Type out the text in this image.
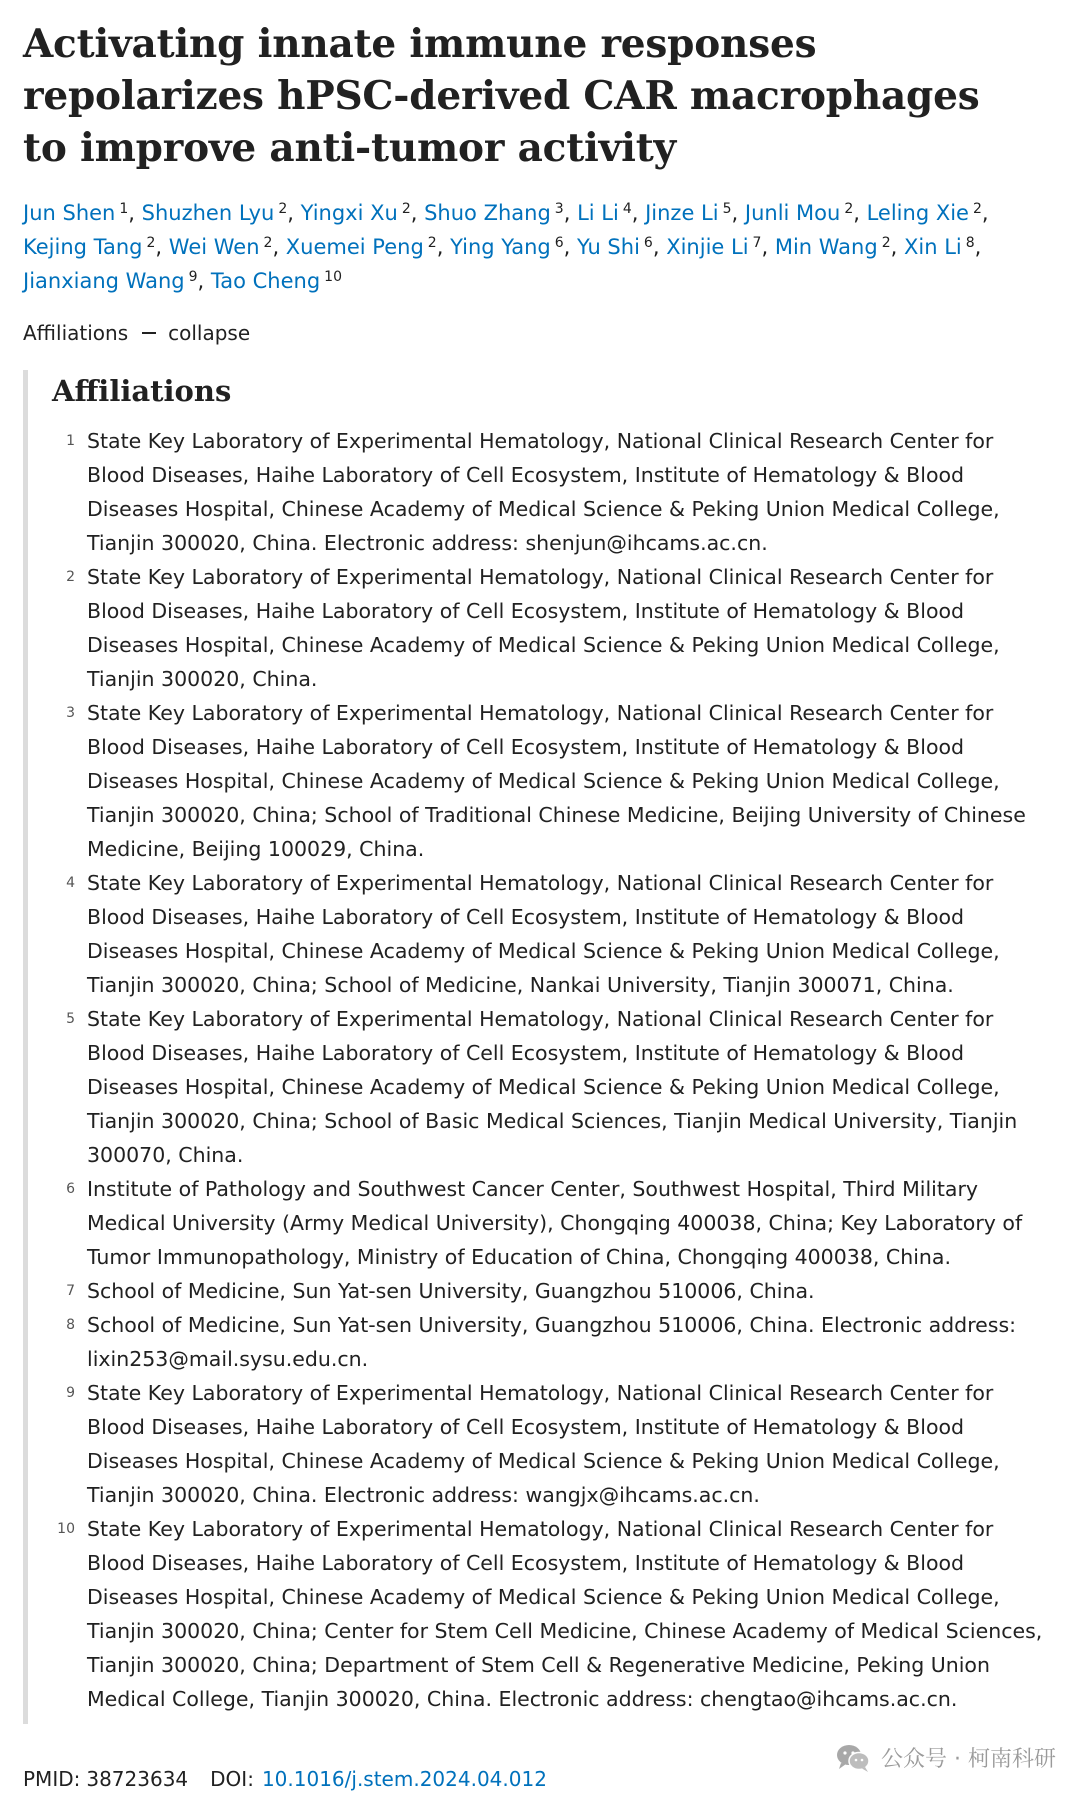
Activating innate immune responses repolarizes hPSC-derived CAR macrophages to improve anti-tumor activity
Jun Shen $^1$, Shuzhen Lyu $^2$, Yingxi Xu $^2$, Shuo Zhang $^3$, Li Li $^4$, Jinze Li $^5$, Junli Mou $^2$, Leling Xie $^2$, Kejing Tang $^2$, Wei Wen $^2$, Xuemei Peng $^2$, Ying Yang $^6$, Yu Shi $^6$, Xinjie Li $^7$, Min Wang $^2$, Xin Li $^8$, Jianxiang Wang $^9$, Tao Cheng $^{10}$
Affiliations collapse
Affiliations
1 State Key Laboratory of Experimental Hematology, National Clinical Research Center for Blood Diseases, Haihe Laboratory of Cell Ecosystem, Institute of Hematology & Blood Diseases Hospital, Chinese Academy of Medical Science & Peking Union Medical College, Tianjin 300020, China. Electronic address: shenjun@ihcams.ac.cn.
2 State Key Laboratory of Experimental Hematology, National Clinical Research Center for Blood Diseases, Haihe Laboratory of Cell Ecosystem, Institute of Hematology & Blood Diseases Hospital, Chinese Academy of Medical Science & Peking Union Medical College, Tianjin 300020, China.
3 State Key Laboratory of Experimental Hematology, National Clinical Research Center for Blood Diseases, Haihe Laboratory of Cell Ecosystem, Institute of Hematology & Blood Diseases Hospital, Chinese Academy of Medical Science & Peking Union Medical College, Tianjin 300020, China; School of Traditional Chinese Medicine, Beijing University of Chinese Medicine, Beijing 100029, China.
4 State Key Laboratory of Experimental Hematology, National Clinical Research Center for Blood Diseases, Haihe Laboratory of Cell Ecosystem, Institute of Hematology & Blood Diseases Hospital, Chinese Academy of Medical Science & Peking Union Medical College, Tianjin 300020, China; School of Medicine, Nankai University, Tianjin 300071, China.
5 State Key Laboratory of Experimental Hematology, National Clinical Research Center for Blood Diseases, Haihe Laboratory of Cell Ecosystem, Institute of Hematology & Blood Diseases Hospital, Chinese Academy of Medical Science & Peking Union Medical College, Tianjin 300020, China; School of Basic Medical Sciences, Tianjin Medical University, Tianjin 300070, China.
6 Institute of Pathology and Southwest Cancer Center, Southwest Hospital, Third Military Medical University (Army Medical University), Chongqing 400038, China; Key Laboratory of Tumor Immunopathology, Ministry of Education of China, Chongqing 400038, China.
7 School of Medicine, Sun Yat-sen University, Guangzhou 510006, China.
8 School of Medicine, Sun Yat-sen University, Guangzhou 510006, China. Electronic address: lixin253@mail.sysu.edu.cn.
9 State Key Laboratory of Experimental Hematology, National Clinical Research Center for Blood Diseases, Haihe Laboratory of Cell Ecosystem, Institute of Hematology & Blood Diseases Hospital, Chinese Academy of Medical Science & Peking Union Medical College, Tianjin 300020, China. Electronic address: wangjx@ihcams.ac.cn.
10 State Key Laboratory of Experimental Hematology, National Clinical Research Center for Blood Diseases, Haihe Laboratory of Cell Ecosystem, Institute of Hematology & Blood Diseases Hospital, Chinese Academy of Medical Science & Peking Union Medical College, Tianjin 300020, China; Center for Stem Cell Medicine, Chinese Academy of Medical Sciences, Tianjin 300020, China; Department of Stem Cell & Regenerative Medicine, Peking Union Medical College, Tianjin 300020, China. Electronic address: chengtao@ihcams.ac.cn.
PMID: 38723634 DOI: 10.1016/j.stem.2024.04.012
公众号 · 柯南科研
